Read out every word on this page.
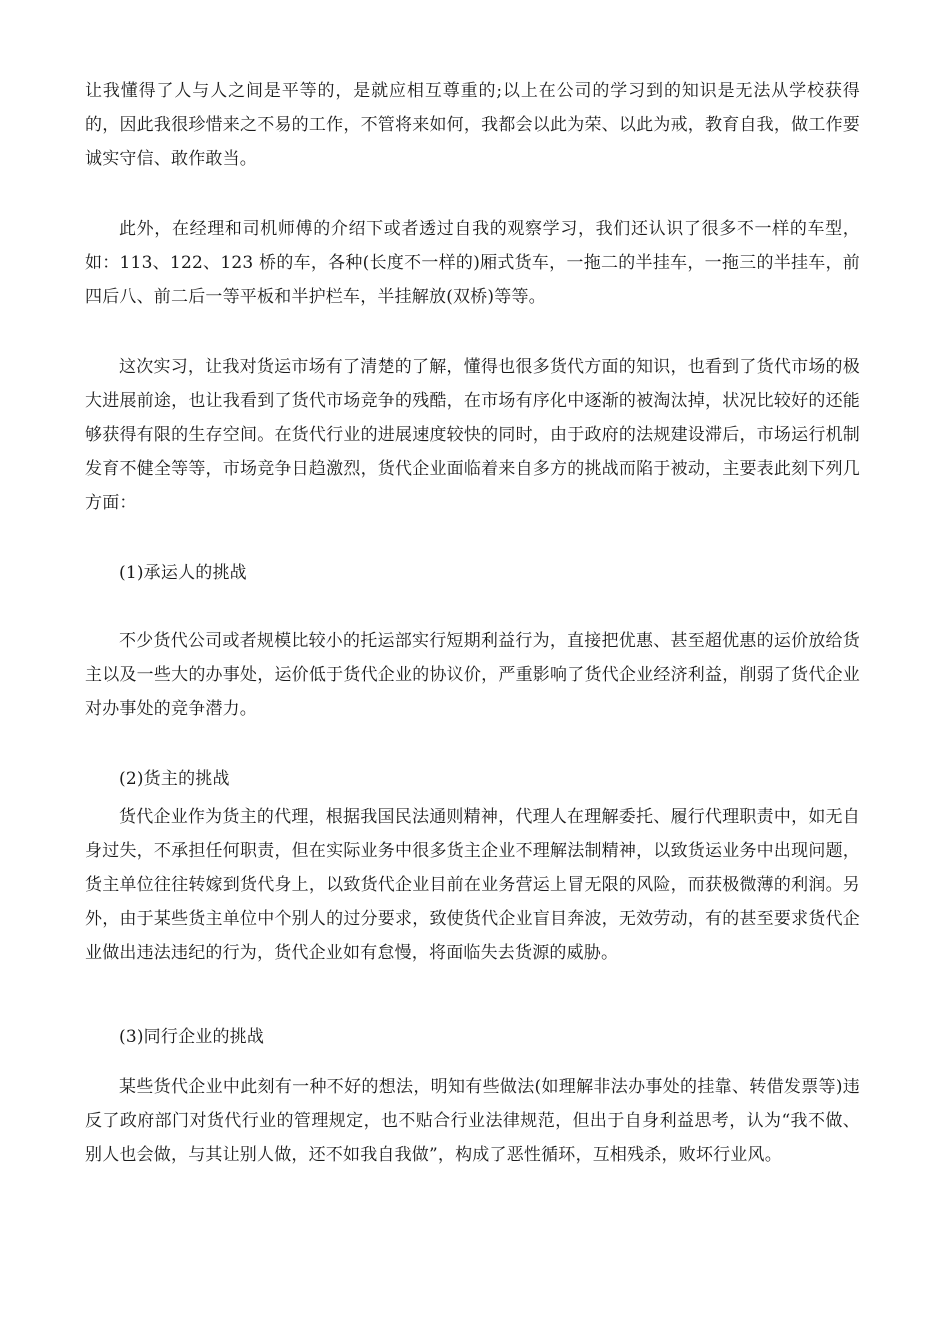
让我懂得了人与人之间是平等的，是就应相互尊重的;以上在公司的学习到的知识是无法从学校获得的，因此我很珍惜来之不易的工作，不管将来如何，我都会以此为荣、以此为戒，教育自我，做工作要诚实守信、敢作敢当。

此外，在经理和司机师傅的介绍下或者透过自我的观察学习，我们还认识了很多不一样的车型，如：113、122、123 桥的车，各种(长度不一样的)厢式货车，一拖二的半挂车，一拖三的半挂车，前四后八、前二后一等平板和半护栏车，半挂解放(双桥)等等。

这次实习，让我对货运市场有了清楚的了解，懂得也很多货代方面的知识，也看到了货代市场的极大进展前途，也让我看到了货代市场竞争的残酷，在市场有序化中逐渐的被淘汰掉，状况比较好的还能够获得有限的生存空间。在货代行业的进展速度较快的同时，由于政府的法规建设滞后，市场运行机制发育不健全等等，市场竞争日趋激烈，货代企业面临着来自多方的挑战而陷于被动，主要表此刻下列几方面：

(1)承运人的挑战

不少货代公司或者规模比较小的托运部实行短期利益行为，直接把优惠、甚至超优惠的运价放给货主以及一些大的办事处，运价低于货代企业的协议价，严重影响了货代企业经济利益，削弱了货代企业对办事处的竞争潜力。

(2)货主的挑战

货代企业作为货主的代理，根据我国民法通则精神，代理人在理解委托、履行代理职责中，如无自身过失，不承担任何职责，但在实际业务中很多货主企业不理解法制精神，以致货运业务中出现问题，货主单位往往转嫁到货代身上，以致货代企业目前在业务营运上冒无限的风险，而获极微薄的利润。另外，由于某些货主单位中个别人的过分要求，致使货代企业盲目奔波，无效劳动，有的甚至要求货代企业做出违法违纪的行为，货代企业如有怠慢，将面临失去货源的威胁。

(3)同行企业的挑战

某些货代企业中此刻有一种不好的想法，明知有些做法(如理解非法办事处的挂靠、转借发票等)违反了政府部门对货代行业的管理规定，也不贴合行业法律规范，但出于自身利益思考，认为“我不做、别人也会做，与其让别人做，还不如我自我做”，构成了恶性循环，互相残杀，败坏行业风。
